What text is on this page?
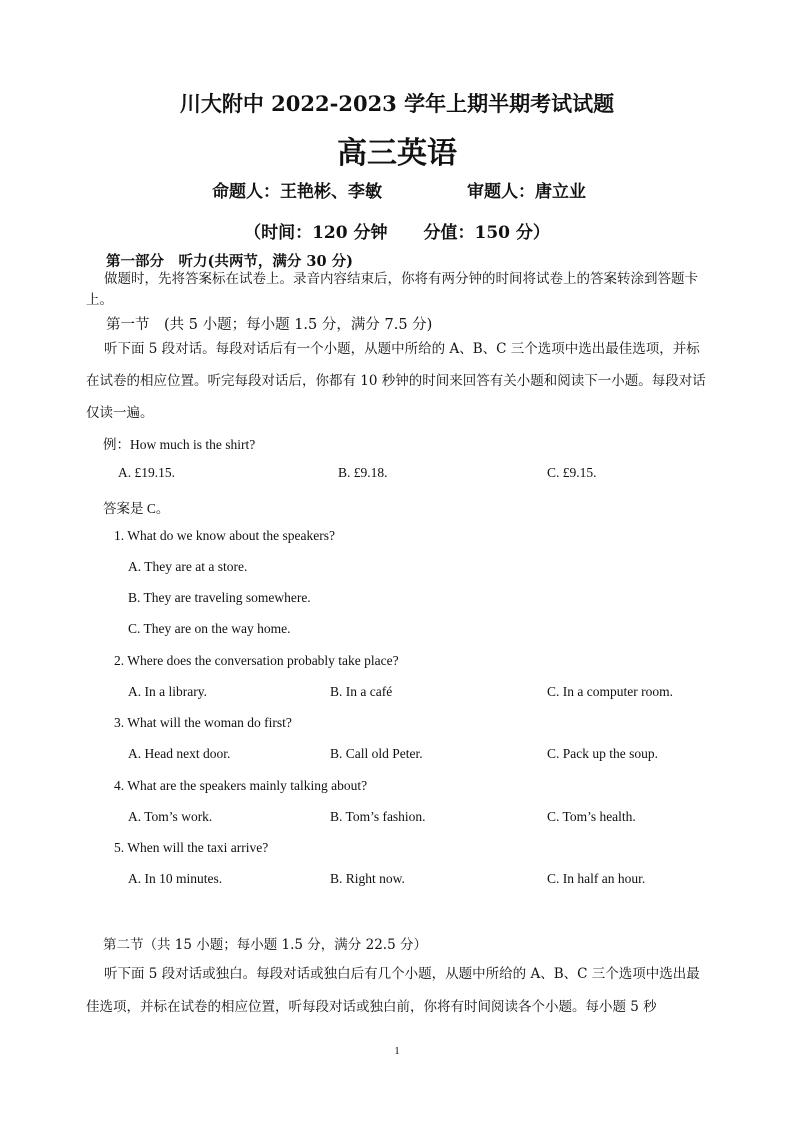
川大附中 2022-2023 学年上期半期考试试题
高三英语
命题人：王艳彬、李敏	审题人：唐立业
（时间：120 分钟 分值：150 分）
第一部分　听力(共两节，满分 30 分)
做题时，先将答案标在试卷上。录音内容结束后，你将有两分钟的时间将试卷上的答案转涂到答题卡上。
第一节　(共 5 小题；每小题 1.5 分，满分 7.5 分)
听下面 5 段对话。每段对话后有一个小题，从题中所给的 A、B、C 三个选项中选出最佳选项，并标在试卷的相应位置。听完每段对话后，你都有 10 秒钟的时间来回答有关小题和阅读下一小题。每段对话仅读一遍。
例：How much is the shirt?
A. £19.15.	B. £9.18.	C. £9.15.
答案是 C。
1. What do we know about the speakers?
A. They are at a store.
B. They are traveling somewhere.
C. They are on the way home.
2. Where does the conversation probably take place?
A. In a library.	B. In a café	C. In a computer room.
3. What will the woman do first?
A. Head next door.	B. Call old Peter.	C. Pack up the soup.
4. What are the speakers mainly talking about?
A. Tom’s work.	B. Tom’s fashion.	C. Tom’s health.
5. When will the taxi arrive?
A. In 10 minutes.	B. Right now.	C. In half an hour.
第二节（共 15 小题；每小题 1.5 分，满分 22.5 分）
听下面 5 段对话或独白。每段对话或独白后有几个小题，从题中所给的 A、B、C 三个选项中选出最佳选项，并标在试卷的相应位置，听每段对话或独白前，你将有时间阅读各个小题。每小题 5 秒
1
